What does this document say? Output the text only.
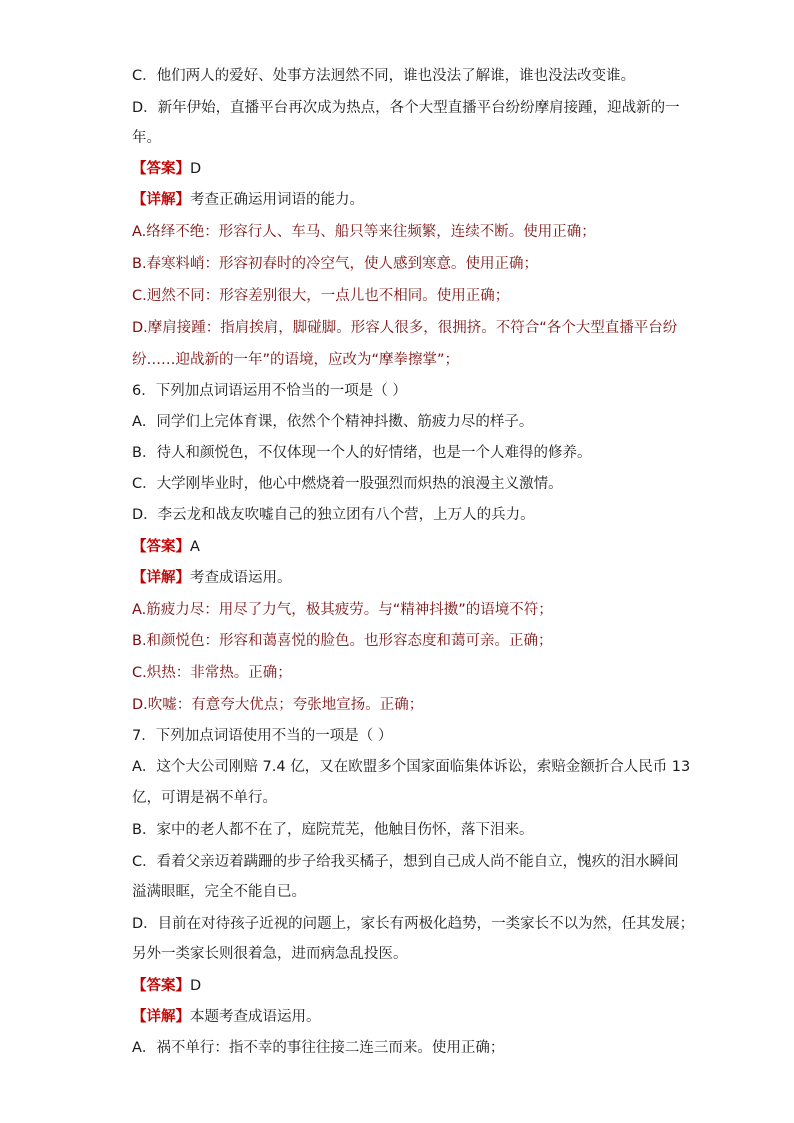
C．他们两人的爱好、处事方法迥然不同，谁也没法了解谁，谁也没法改变谁。
D．新年伊始，直播平台再次成为热点，各个大型直播平台纷纷摩肩接踵，迎战新的一
年。
【答案】D
【详解】考查正确运用词语的能力。
A.络绎不绝：形容行人、车马、船只等来往频繁，连续不断。使用正确；
B.春寒料峭：形容初春时的冷空气，使人感到寒意。使用正确；
C.迥然不同：形容差别很大，一点儿也不相同。使用正确；
D.摩肩接踵：指肩挨肩，脚碰脚。形容人很多，很拥挤。不符合“各个大型直播平台纷
纷……迎战新的一年”的语境，应改为“摩拳擦掌”；
6．下列加点词语运用不恰当的一项是（ ）
A．同学们上完体育课，依然个个精神抖擞、筋疲力尽的样子。
B．待人和颜悦色，不仅体现一个人的好情绪，也是一个人难得的修养。
C．大学刚毕业时，他心中燃烧着一股强烈而炽热的浪漫主义激情。
D．李云龙和战友吹嘘自己的独立团有八个营，上万人的兵力。
【答案】A
【详解】考查成语运用。
A.筋疲力尽：用尽了力气，极其疲劳。与“精神抖擞”的语境不符；
B.和颜悦色：形容和蔼喜悦的脸色。也形容态度和蔼可亲。正确；
C.炽热：非常热。正确；
D.吹嘘：有意夸大优点；夸张地宣扬。正确；
7．下列加点词语使用不当的一项是（ ）
A．这个大公司刚赔 7.4 亿，又在欧盟多个国家面临集体诉讼，索赔金额折合人民币 13
亿，可谓是祸不单行。
B．家中的老人都不在了，庭院荒芜，他触目伤怀，落下泪来。
C．看着父亲迈着蹒跚的步子给我买橘子，想到自己成人尚不能自立，愧疚的泪水瞬间
溢满眼眶，完全不能自已。
D．目前在对待孩子近视的问题上，家长有两极化趋势，一类家长不以为然，任其发展；
另外一类家长则很着急，进而病急乱投医。
【答案】D
【详解】本题考查成语运用。
A．祸不单行：指不幸的事往往接二连三而来。使用正确；
